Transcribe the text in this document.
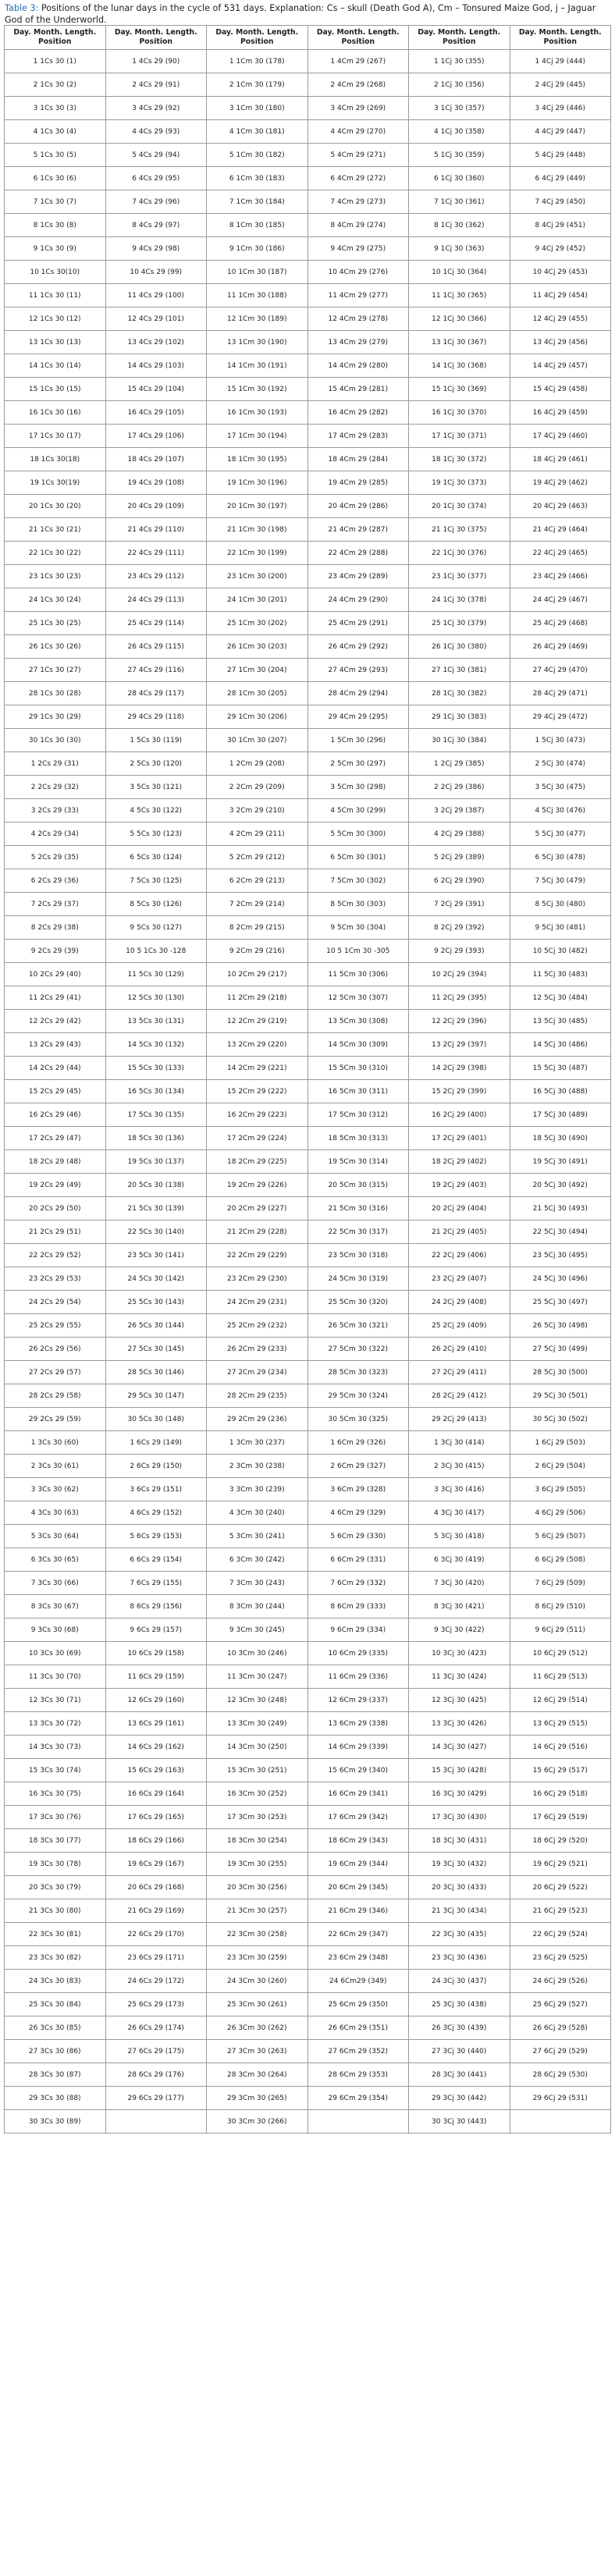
Table 3: Positions of the lunar days in the cycle of 531 days. Explanation: Cs – skull (Death God A), Cm – Tonsured Maize God, j – Jaguar God of the Underworld.
Day. Month. Length. Position	Day. Month. Length. Position	Day. Month. Length. Position	Day. Month. Length. Position	Day. Month. Length. Position	Day. Month. Length. Position
1 1Cs 30 (1)	1 4Cs 29 (90)	1 1Cm 30 (178)	1 4Cm 29 (267)	1 1Cj 30 (355)	1 4Cj 29 (444)
2 1Cs 30 (2)	2 4Cs 29 (91)	2 1Cm 30 (179)	2 4Cm 29 (268)	2 1Cj 30 (356)	2 4Cj 29 (445)
3 1Cs 30 (3)	3 4Cs 29 (92)	3 1Cm 30 (180)	3 4Cm 29 (269)	3 1Cj 30 (357)	3 4Cj 29 (446)
4 1Cs 30 (4)	4 4Cs 29 (93)	4 1Cm 30 (181)	4 4Cm 29 (270)	4 1Cj 30 (358)	4 4Cj 29 (447)
5 1Cs 30 (5)	5 4Cs 29 (94)	5 1Cm 30 (182)	5 4Cm 29 (271)	5 1Cj 30 (359)	5 4Cj 29 (448)
6 1Cs 30 (6)	6 4Cs 29 (95)	6 1Cm 30 (183)	6 4Cm 29 (272)	6 1Cj 30 (360)	6 4Cj 29 (449)
7 1Cs 30 (7)	7 4Cs 29 (96)	7 1Cm 30 (184)	7 4Cm 29 (273)	7 1Cj 30 (361)	7 4Cj 29 (450)
8 1Cs 30 (8)	8 4Cs 29 (97)	8 1Cm 30 (185)	8 4Cm 29 (274)	8 1Cj 30 (362)	8 4Cj 29 (451)
9 1Cs 30 (9)	9 4Cs 29 (98)	9 1Cm 30 (186)	9 4Cm 29 (275)	9 1Cj 30 (363)	9 4Cj 29 (452)
10 1Cs 30(10)	10 4Cs 29 (99)	10 1Cm 30 (187)	10 4Cm 29 (276)	10 1Cj 30 (364)	10 4Cj 29 (453)
11 1Cs 30 (11)	11 4Cs 29 (100)	11 1Cm 30 (188)	11 4Cm 29 (277)	11 1Cj 30 (365)	11 4Cj 29 (454)
12 1Cs 30 (12)	12 4Cs 29 (101)	12 1Cm 30 (189)	12 4Cm 29 (278)	12 1Cj 30 (366)	12 4Cj 29 (455)
13 1Cs 30 (13)	13 4Cs 29 (102)	13 1Cm 30 (190)	13 4Cm 29 (279)	13 1Cj 30 (367)	13 4Cj 29 (456)
14 1Cs 30 (14)	14 4Cs 29 (103)	14 1Cm 30 (191)	14 4Cm 29 (280)	14 1Cj 30 (368)	14 4Cj 29 (457)
15 1Cs 30 (15)	15 4Cs 29 (104)	15 1Cm 30 (192)	15 4Cm 29 (281)	15 1Cj 30 (369)	15 4Cj 29 (458)
16 1Cs 30 (16)	16 4Cs 29 (105)	16 1Cm 30 (193)	16 4Cm 29 (282)	16 1Cj 30 (370)	16 4Cj 29 (459)
17 1Cs 30 (17)	17 4Cs 29 (106)	17 1Cm 30 (194)	17 4Cm 29 (283)	17 1Cj 30 (371)	17 4Cj 29 (460)
18 1Cs 30(18)	18 4Cs 29 (107)	18 1Cm 30 (195)	18 4Cm 29 (284)	18 1Cj 30 (372)	18 4Cj 29 (461)
19 1Cs 30(19)	19 4Cs 29 (108)	19 1Cm 30 (196)	19 4Cm 29 (285)	19 1Cj 30 (373)	19 4Cj 29 (462)
20 1Cs 30 (20)	20 4Cs 29 (109)	20 1Cm 30 (197)	20 4Cm 29 (286)	20 1Cj 30 (374)	20 4Cj 29 (463)
21 1Cs 30 (21)	21 4Cs 29 (110)	21 1Cm 30 (198)	21 4Cm 29 (287)	21 1Cj 30 (375)	21 4Cj 29 (464)
22 1Cs 30 (22)	22 4Cs 29 (111)	22 1Cm 30 (199)	22 4Cm 29 (288)	22 1Cj 30 (376)	22 4Cj 29 (465)
23 1Cs 30 (23)	23 4Cs 29 (112)	23 1Cm 30 (200)	23 4Cm 29 (289)	23 1Cj 30 (377)	23 4Cj 29 (466)
24 1Cs 30 (24)	24 4Cs 29 (113)	24 1Cm 30 (201)	24 4Cm 29 (290)	24 1Cj 30 (378)	24 4Cj 29 (467)
25 1Cs 30 (25)	25 4Cs 29 (114)	25 1Cm 30 (202)	25 4Cm 29 (291)	25 1Cj 30 (379)	25 4Cj 29 (468)
26 1Cs 30 (26)	26 4Cs 29 (115)	26 1Cm 30 (203)	26 4Cm 29 (292)	26 1Cj 30 (380)	26 4Cj 29 (469)
27 1Cs 30 (27)	27 4Cs 29 (116)	27 1Cm 30 (204)	27 4Cm 29 (293)	27 1Cj 30 (381)	27 4Cj 29 (470)
28 1Cs 30 (28)	28 4Cs 29 (117)	28 1Cm 30 (205)	28 4Cm 29 (294)	28 1Cj 30 (382)	28 4Cj 29 (471)
29 1Cs 30 (29)	29 4Cs 29 (118)	29 1Cm 30 (206)	29 4Cm 29 (295)	29 1Cj 30 (383)	29 4Cj 29 (472)
30 1Cs 30 (30)	1 5Cs 30 (119)	30 1Cm 30 (207)	1 5Cm 30 (296)	30 1Cj 30 (384)	1 5Cj 30 (473)
1 2Cs 29 (31)	2 5Cs 30 (120)	1 2Cm 29 (208)	2 5Cm 30 (297)	1 2Cj 29 (385)	2 5Cj 30 (474)
2 2Cs 29 (32)	3 5Cs 30 (121)	2 2Cm 29 (209)	3 5Cm 30 (298)	2 2Cj 29 (386)	3 5Cj 30 (475)
3 2Cs 29 (33)	4 5Cs 30 (122)	3 2Cm 29 (210)	4 5Cm 30 (299)	3 2Cj 29 (387)	4 5Cj 30 (476)
4 2Cs 29 (34)	5 5Cs 30 (123)	4 2Cm 29 (211)	5 5Cm 30 (300)	4 2Cj 29 (388)	5 5Cj 30 (477)
5 2Cs 29 (35)	6 5Cs 30 (124)	5 2Cm 29 (212)	6 5Cm 30 (301)	5 2Cj 29 (389)	6 5Cj 30 (478)
6 2Cs 29 (36)	7 5Cs 30 (125)	6 2Cm 29 (213)	7 5Cm 30 (302)	6 2Cj 29 (390)	7 5Cj 30 (479)
7 2Cs 29 (37)	8 5Cs 30 (126)	7 2Cm 29 (214)	8 5Cm 30 (303)	7 2Cj 29 (391)	8 5Cj 30 (480)
8 2Cs 29 (38)	9 5Cs 30 (127)	8 2Cm 29 (215)	9 5Cm 30 (304)	8 2Cj 29 (392)	9 5Cj 30 (481)
9 2Cs 29 (39)	10 5 1Cs 30 -128	9 2Cm 29 (216)	10 5 1Cm 30 -305	9 2Cj 29 (393)	10 5Cj 30 (482)
10 2Cs 29 (40)	11 5Cs 30 (129)	10 2Cm 29 (217)	11 5Cm 30 (306)	10 2Cj 29 (394)	11 5Cj 30 (483)
11 2Cs 29 (41)	12 5Cs 30 (130)	11 2Cm 29 (218)	12 5Cm 30 (307)	11 2Cj 29 (395)	12 5Cj 30 (484)
12 2Cs 29 (42)	13 5Cs 30 (131)	12 2Cm 29 (219)	13 5Cm 30 (308)	12 2Cj 29 (396)	13 5Cj 30 (485)
13 2Cs 29 (43)	14 5Cs 30 (132)	13 2Cm 29 (220)	14 5Cm 30 (309)	13 2Cj 29 (397)	14 5Cj 30 (486)
14 2Cs 29 (44)	15 5Cs 30 (133)	14 2Cm 29 (221)	15 5Cm 30 (310)	14 2Cj 29 (398)	15 5Cj 30 (487)
15 2Cs 29 (45)	16 5Cs 30 (134)	15 2Cm 29 (222)	16 5Cm 30 (311)	15 2Cj 29 (399)	16 5Cj 30 (488)
16 2Cs 29 (46)	17 5Cs 30 (135)	16 2Cm 29 (223)	17 5Cm 30 (312)	16 2Cj 29 (400)	17 5Cj 30 (489)
17 2Cs 29 (47)	18 5Cs 30 (136)	17 2Cm 29 (224)	18 5Cm 30 (313)	17 2Cj 29 (401)	18 5Cj 30 (490)
18 2Cs 29 (48)	19 5Cs 30 (137)	18 2Cm 29 (225)	19 5Cm 30 (314)	18 2Cj 29 (402)	19 5Cj 30 (491)
19 2Cs 29 (49)	20 5Cs 30 (138)	19 2Cm 29 (226)	20 5Cm 30 (315)	19 2Cj 29 (403)	20 5Cj 30 (492)
20 2Cs 29 (50)	21 5Cs 30 (139)	20 2Cm 29 (227)	21 5Cm 30 (316)	20 2Cj 29 (404)	21 5Cj 30 (493)
21 2Cs 29 (51)	22 5Cs 30 (140)	21 2Cm 29 (228)	22 5Cm 30 (317)	21 2Cj 29 (405)	22 5Cj 30 (494)
22 2Cs 29 (52)	23 5Cs 30 (141)	22 2Cm 29 (229)	23 5Cm 30 (318)	22 2Cj 29 (406)	23 5Cj 30 (495)
23 2Cs 29 (53)	24 5Cs 30 (142)	23 2Cm 29 (230)	24 5Cm 30 (319)	23 2Cj 29 (407)	24 5Cj 30 (496)
24 2Cs 29 (54)	25 5Cs 30 (143)	24 2Cm 29 (231)	25 5Cm 30 (320)	24 2Cj 29 (408)	25 5Cj 30 (497)
25 2Cs 29 (55)	26 5Cs 30 (144)	25 2Cm 29 (232)	26 5Cm 30 (321)	25 2Cj 29 (409)	26 5Cj 30 (498)
26 2Cs 29 (56)	27 5Cs 30 (145)	26 2Cm 29 (233)	27 5Cm 30 (322)	26 2Cj 29 (410)	27 5Cj 30 (499)
27 2Cs 29 (57)	28 5Cs 30 (146)	27 2Cm 29 (234)	28 5Cm 30 (323)	27 2Cj 29 (411)	28 5Cj 30 (500)
28 2Cs 29 (58)	29 5Cs 30 (147)	28 2Cm 29 (235)	29 5Cm 30 (324)	28 2Cj 29 (412)	29 5Cj 30 (501)
29 2Cs 29 (59)	30 5Cs 30 (148)	29 2Cm 29 (236)	30 5Cm 30 (325)	29 2Cj 29 (413)	30 5Cj 30 (502)
1 3Cs 30 (60)	1 6Cs 29 (149)	1 3Cm 30 (237)	1 6Cm 29 (326)	1 3Cj 30 (414)	1 6Cj 29 (503)
2 3Cs 30 (61)	2 6Cs 29 (150)	2 3Cm 30 (238)	2 6Cm 29 (327)	2 3Cj 30 (415)	2 6Cj 29 (504)
3 3Cs 30 (62)	3 6Cs 29 (151)	3 3Cm 30 (239)	3 6Cm 29 (328)	3 3Cj 30 (416)	3 6Cj 29 (505)
4 3Cs 30 (63)	4 6Cs 29 (152)	4 3Cm 30 (240)	4 6Cm 29 (329)	4 3Cj 30 (417)	4 6Cj 29 (506)
5 3Cs 30 (64)	5 6Cs 29 (153)	5 3Cm 30 (241)	5 6Cm 29 (330)	5 3Cj 30 (418)	5 6Cj 29 (507)
6 3Cs 30 (65)	6 6Cs 29 (154)	6 3Cm 30 (242)	6 6Cm 29 (331)	6 3Cj 30 (419)	6 6Cj 29 (508)
7 3Cs 30 (66)	7 6Cs 29 (155)	7 3Cm 30 (243)	7 6Cm 29 (332)	7 3Cj 30 (420)	7 6Cj 29 (509)
8 3Cs 30 (67)	8 6Cs 29 (156)	8 3Cm 30 (244)	8 6Cm 29 (333)	8 3Cj 30 (421)	8 6Cj 29 (510)
9 3Cs 30 (68)	9 6Cs 29 (157)	9 3Cm 30 (245)	9 6Cm 29 (334)	9 3Cj 30 (422)	9 6Cj 29 (511)
10 3Cs 30 (69)	10 6Cs 29 (158)	10 3Cm 30 (246)	10 6Cm 29 (335)	10 3Cj 30 (423)	10 6Cj 29 (512)
11 3Cs 30 (70)	11 6Cs 29 (159)	11 3Cm 30 (247)	11 6Cm 29 (336)	11 3Cj 30 (424)	11 6Cj 29 (513)
12 3Cs 30 (71)	12 6Cs 29 (160)	12 3Cm 30 (248)	12 6Cm 29 (337)	12 3Cj 30 (425)	12 6Cj 29 (514)
13 3Cs 30 (72)	13 6Cs 29 (161)	13 3Cm 30 (249)	13 6Cm 29 (338)	13 3Cj 30 (426)	13 6Cj 29 (515)
14 3Cs 30 (73)	14 6Cs 29 (162)	14 3Cm 30 (250)	14 6Cm 29 (339)	14 3Cj 30 (427)	14 6Cj 29 (516)
15 3Cs 30 (74)	15 6Cs 29 (163)	15 3Cm 30 (251)	15 6Cm 29 (340)	15 3Cj 30 (428)	15 6Cj 29 (517)
16 3Cs 30 (75)	16 6Cs 29 (164)	16 3Cm 30 (252)	16 6Cm 29 (341)	16 3Cj 30 (429)	16 6Cj 29 (518)
17 3Cs 30 (76)	17 6Cs 29 (165)	17 3Cm 30 (253)	17 6Cm 29 (342)	17 3Cj 30 (430)	17 6Cj 29 (519)
18 3Cs 30 (77)	18 6Cs 29 (166)	18 3Cm 30 (254)	18 6Cm 29 (343)	18 3Cj 30 (431)	18 6Cj 29 (520)
19 3Cs 30 (78)	19 6Cs 29 (167)	19 3Cm 30 (255)	19 6Cm 29 (344)	19 3Cj 30 (432)	19 6Cj 29 (521)
20 3Cs 30 (79)	20 6Cs 29 (168)	20 3Cm 30 (256)	20 6Cm 29 (345)	20 3Cj 30 (433)	20 6Cj 29 (522)
21 3Cs 30 (80)	21 6Cs 29 (169)	21 3Cm 30 (257)	21 6Cm 29 (346)	21 3Cj 30 (434)	21 6Cj 29 (523)
22 3Cs 30 (81)	22 6Cs 29 (170)	22 3Cm 30 (258)	22 6Cm 29 (347)	22 3Cj 30 (435)	22 6Cj 29 (524)
23 3Cs 30 (82)	23 6Cs 29 (171)	23 3Cm 30 (259)	23 6Cm 29 (348)	23 3Cj 30 (436)	23 6Cj 29 (525)
24 3Cs 30 (83)	24 6Cs 29 (172)	24 3Cm 30 (260)	24 6Cm29 (349)	24 3Cj 30 (437)	24 6Cj 29 (526)
25 3Cs 30 (84)	25 6Cs 29 (173)	25 3Cm 30 (261)	25 6Cm 29 (350)	25 3Cj 30 (438)	25 6Cj 29 (527)
26 3Cs 30 (85)	26 6Cs 29 (174)	26 3Cm 30 (262)	26 6Cm 29 (351)	26 3Cj 30 (439)	26 6Cj 29 (528)
27 3Cs 30 (86)	27 6Cs 29 (175)	27 3Cm 30 (263)	27 6Cm 29 (352)	27 3Cj 30 (440)	27 6Cj 29 (529)
28 3Cs 30 (87)	28 6Cs 29 (176)	28 3Cm 30 (264)	28 6Cm 29 (353)	28 3Cj 30 (441)	28 6Cj 29 (530)
29 3Cs 30 (88)	29 6Cs 29 (177)	29 3Cm 30 (265)	29 6Cm 29 (354)	29 3Cj 30 (442)	29 6Cj 29 (531)
30 3Cs 30 (89)		30 3Cm 30 (266)		30 3Cj 30 (443)	
